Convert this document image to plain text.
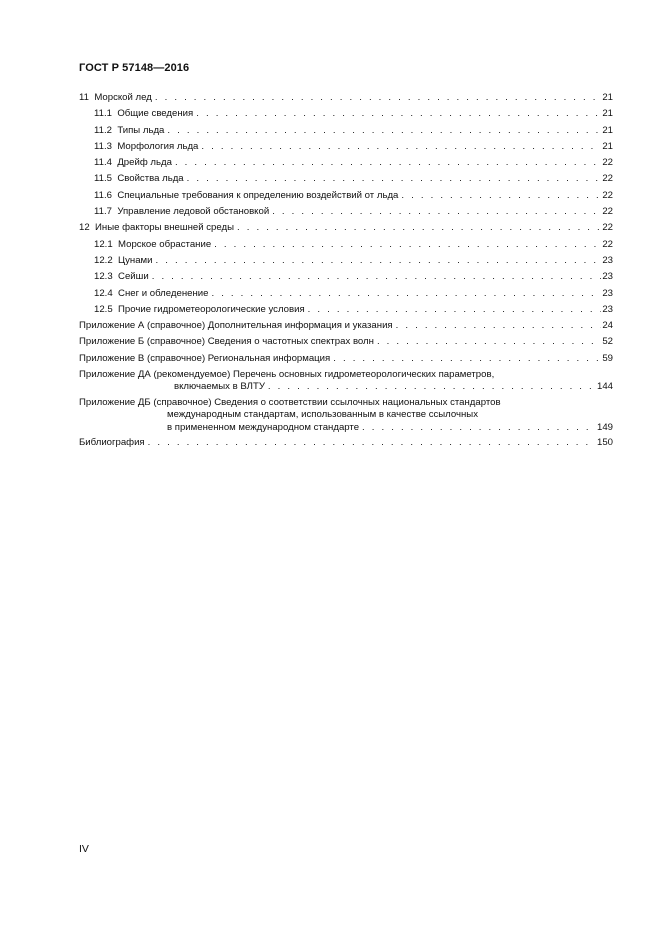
ГОСТ Р 57148—2016
11 Морской лед . . .	21
11.1 Общие сведения . . .	21
11.2 Типы льда . . .	21
11.3 Морфология льда . . .	21
11.4 Дрейф льда . . .	22
11.5 Свойства льда . . .	22
11.6 Специальные требования к определению воздействий от льда . . .	22
11.7 Управление ледовой обстановкой . . .	22
12 Иные факторы внешней среды . . .	22
12.1 Морское обрастание . . .	22
12.2 Цунами . . .	23
12.3 Сейши . . .	23
12.4 Снег и обледенение . . .	23
12.5 Прочие гидрометеорологические условия . . .	23
Приложение А (справочное) Дополнительная информация и указания . . .	24
Приложение Б (справочное) Сведения о частотных спектрах волн . . .	52
Приложение В (справочное) Региональная информация . . .	59
Приложение ДА (рекомендуемое) Перечень основных гидрометеорологических параметров,
включаемых в ВЛТУ . . .	144
Приложение ДБ (справочное) Сведения о соответствии ссылочных национальных стандартов
международным стандартам, использованным в качестве ссылочных
в примененном международном стандарте . . .	149
Библиография . . .	150
IV
